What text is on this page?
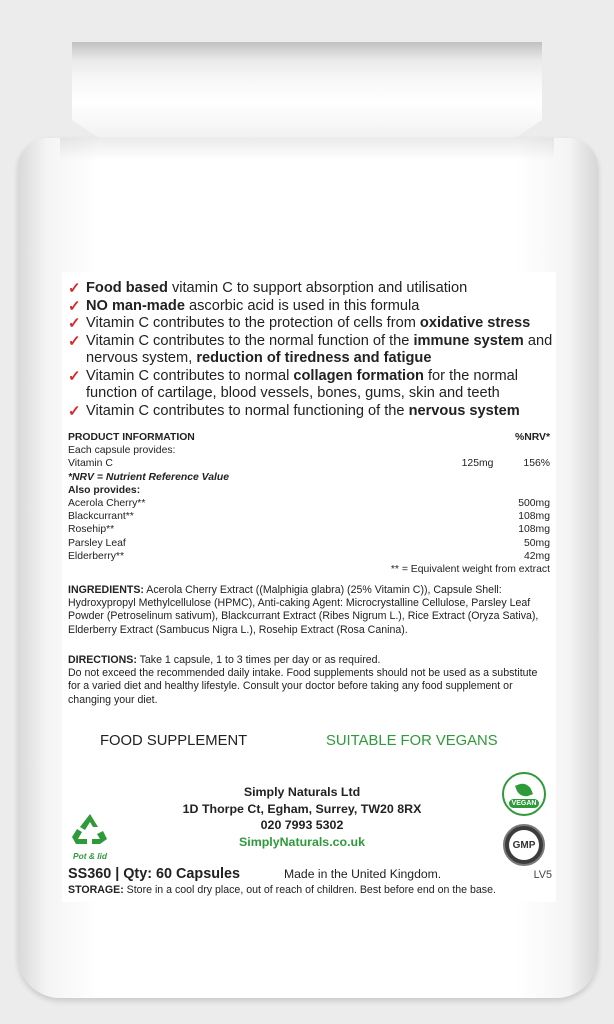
✓ Food based vitamin C to support absorption and utilisation
✓ NO man-made ascorbic acid is used in this formula
✓ Vitamin C contributes to the protection of cells from oxidative stress
✓ Vitamin C contributes to the normal function of the immune system and nervous system, reduction of tiredness and fatigue
✓ Vitamin C contributes to normal collagen formation for the normal function of cartilage, blood vessels, bones, gums, skin and teeth
✓ Vitamin C contributes to normal functioning of the nervous system
PRODUCT INFORMATION	%NRV*
Each capsule provides:
Vitamin C	125mg	156%
*NRV = Nutrient Reference Value
Also provides:
Acerola Cherry**	500mg
Blackcurrant**	108mg
Rosehip**	108mg
Parsley Leaf	50mg
Elderberry**	42mg
** = Equivalent weight from extract
INGREDIENTS: Acerola Cherry Extract ((Malphigia glabra) (25% Vitamin C)), Capsule Shell: Hydroxypropyl Methylcellulose (HPMC), Anti-caking Agent: Microcrystalline Cellulose, Parsley Leaf Powder (Petroselinum sativum), Blackcurrant Extract (Ribes Nigrum L.), Rice Extract (Oryza Sativa), Elderberry Extract (Sambucus Nigra L.), Rosehip Extract (Rosa Canina).
DIRECTIONS: Take 1 capsule, 1 to 3 times per day or as required.
Do not exceed the recommended daily intake. Food supplements should not be used as a substitute for a varied diet and healthy lifestyle. Consult your doctor before taking any food supplement or changing your diet.
FOOD SUPPLEMENT	SUITABLE FOR VEGANS
Simply Naturals Ltd
1D Thorpe Ct, Egham, Surrey, TW20 8RX
020 7993 5302
SimplyNaturals.co.uk
Pot & lid
VEGAN
GMP
SS360 | Qty: 60 Capsules	Made in the United Kingdom.	LV5
STORAGE: Store in a cool dry place, out of reach of children. Best before end on the base.
